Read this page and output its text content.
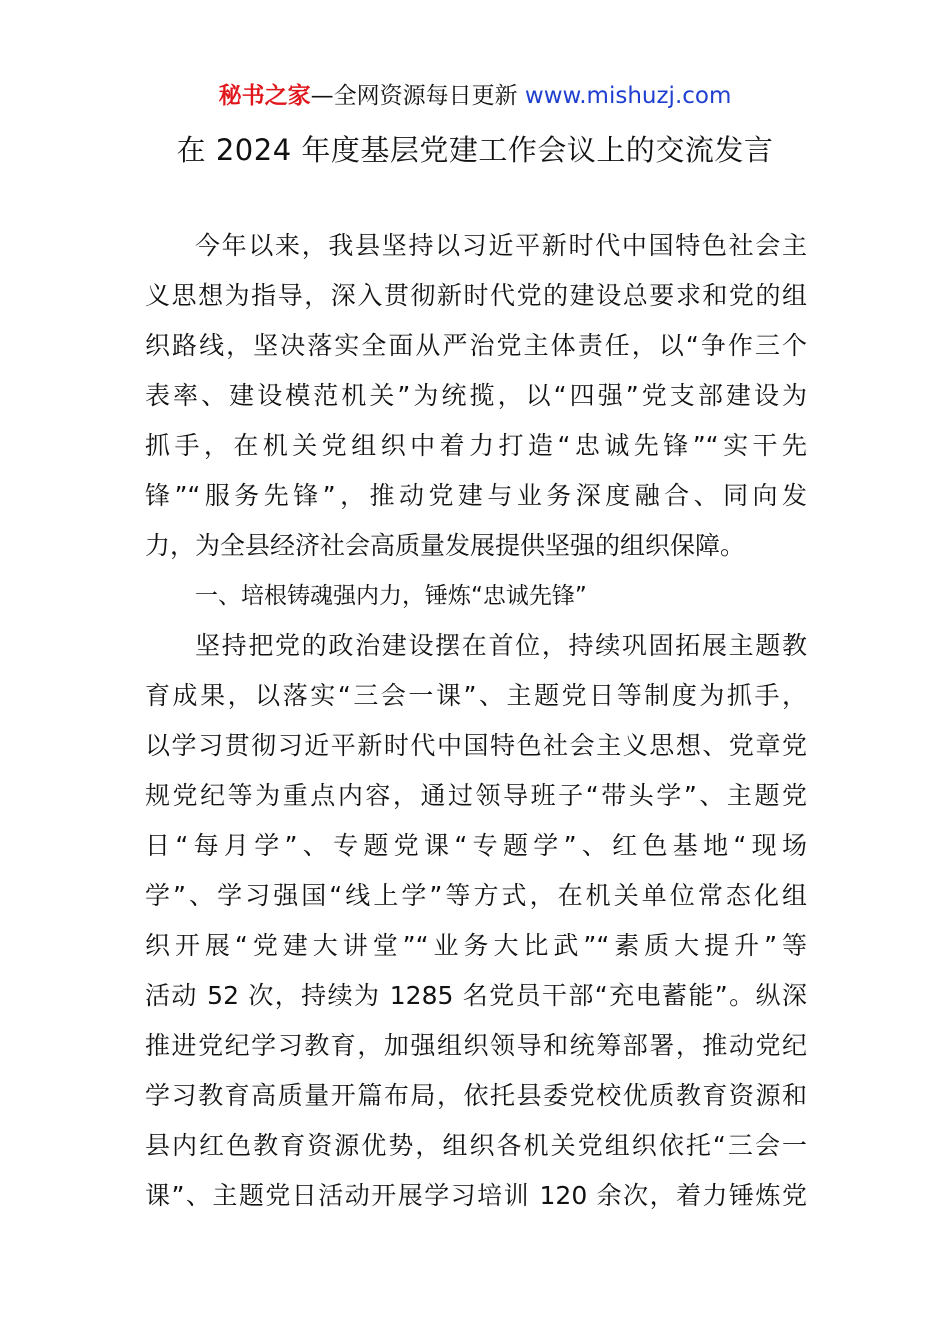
秘书之家—全网资源每日更新 www.mishuzj.com
在 2024 年度基层党建工作会议上的交流发言
今年以来，我县坚持以习近平新时代中国特色社会主
义思想为指导，深入贯彻新时代党的建设总要求和党的组
织路线，坚决落实全面从严治党主体责任，以“争作三个
表率、建设模范机关”为统揽，以“四强”党支部建设为
抓手，在机关党组织中着力打造“忠诚先锋”“实干先
锋”“服务先锋”，推动党建与业务深度融合、同向发
力，为全县经济社会高质量发展提供坚强的组织保障。
一、培根铸魂强内力，锤炼“忠诚先锋”
坚持把党的政治建设摆在首位，持续巩固拓展主题教
育成果，以落实“三会一课”、主题党日等制度为抓手，
以学习贯彻习近平新时代中国特色社会主义思想、党章党
规党纪等为重点内容，通过领导班子“带头学”、主题党
日“每月学”、专题党课“专题学”、红色基地“现场
学”、学习强国“线上学”等方式，在机关单位常态化组
织开展“党建大讲堂”“业务大比武”“素质大提升”等
活动 52 次，持续为 1285 名党员干部“充电蓄能”。纵深
推进党纪学习教育，加强组织领导和统筹部署，推动党纪
学习教育高质量开篇布局，依托县委党校优质教育资源和
县内红色教育资源优势，组织各机关党组织依托“三会一
课”、主题党日活动开展学习培训 120 余次，着力锤炼党
